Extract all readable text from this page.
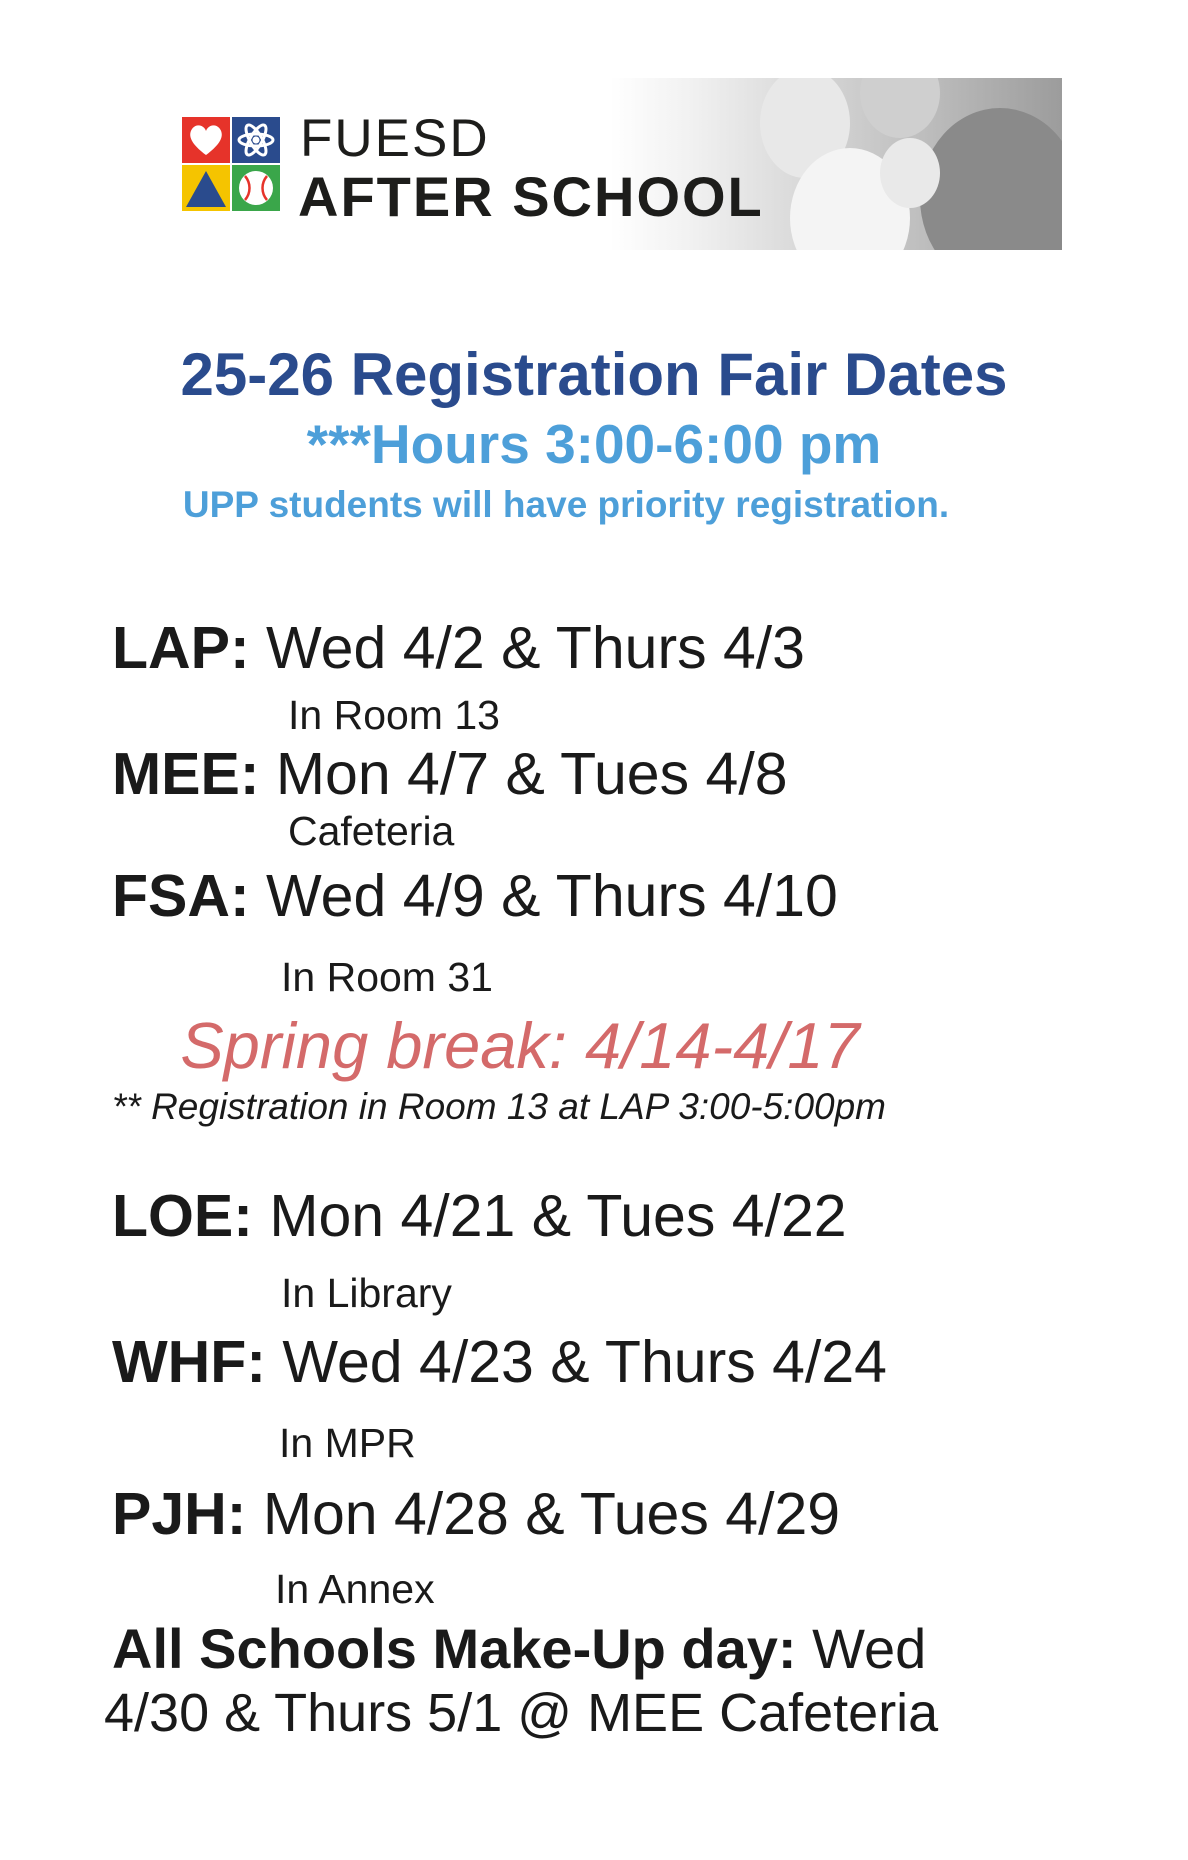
FUESD
AFTER SCHOOL
25-26 Registration Fair Dates
***Hours 3:00-6:00 pm
UPP students will have priority registration.
LAP: Wed 4/2 & Thurs 4/3
In Room 13
MEE: Mon 4/7 & Tues 4/8
Cafeteria
FSA: Wed 4/9 & Thurs 4/10
In Room 31
Spring break: 4/14-4/17
** Registration in Room 13 at LAP 3:00-5:00pm
LOE: Mon 4/21 & Tues 4/22
In Library
WHF: Wed 4/23 & Thurs 4/24
In MPR
PJH: Mon 4/28 & Tues 4/29
In Annex
All Schools Make-Up day: Wed
4/30 & Thurs 5/1 @ MEE Cafeteria
